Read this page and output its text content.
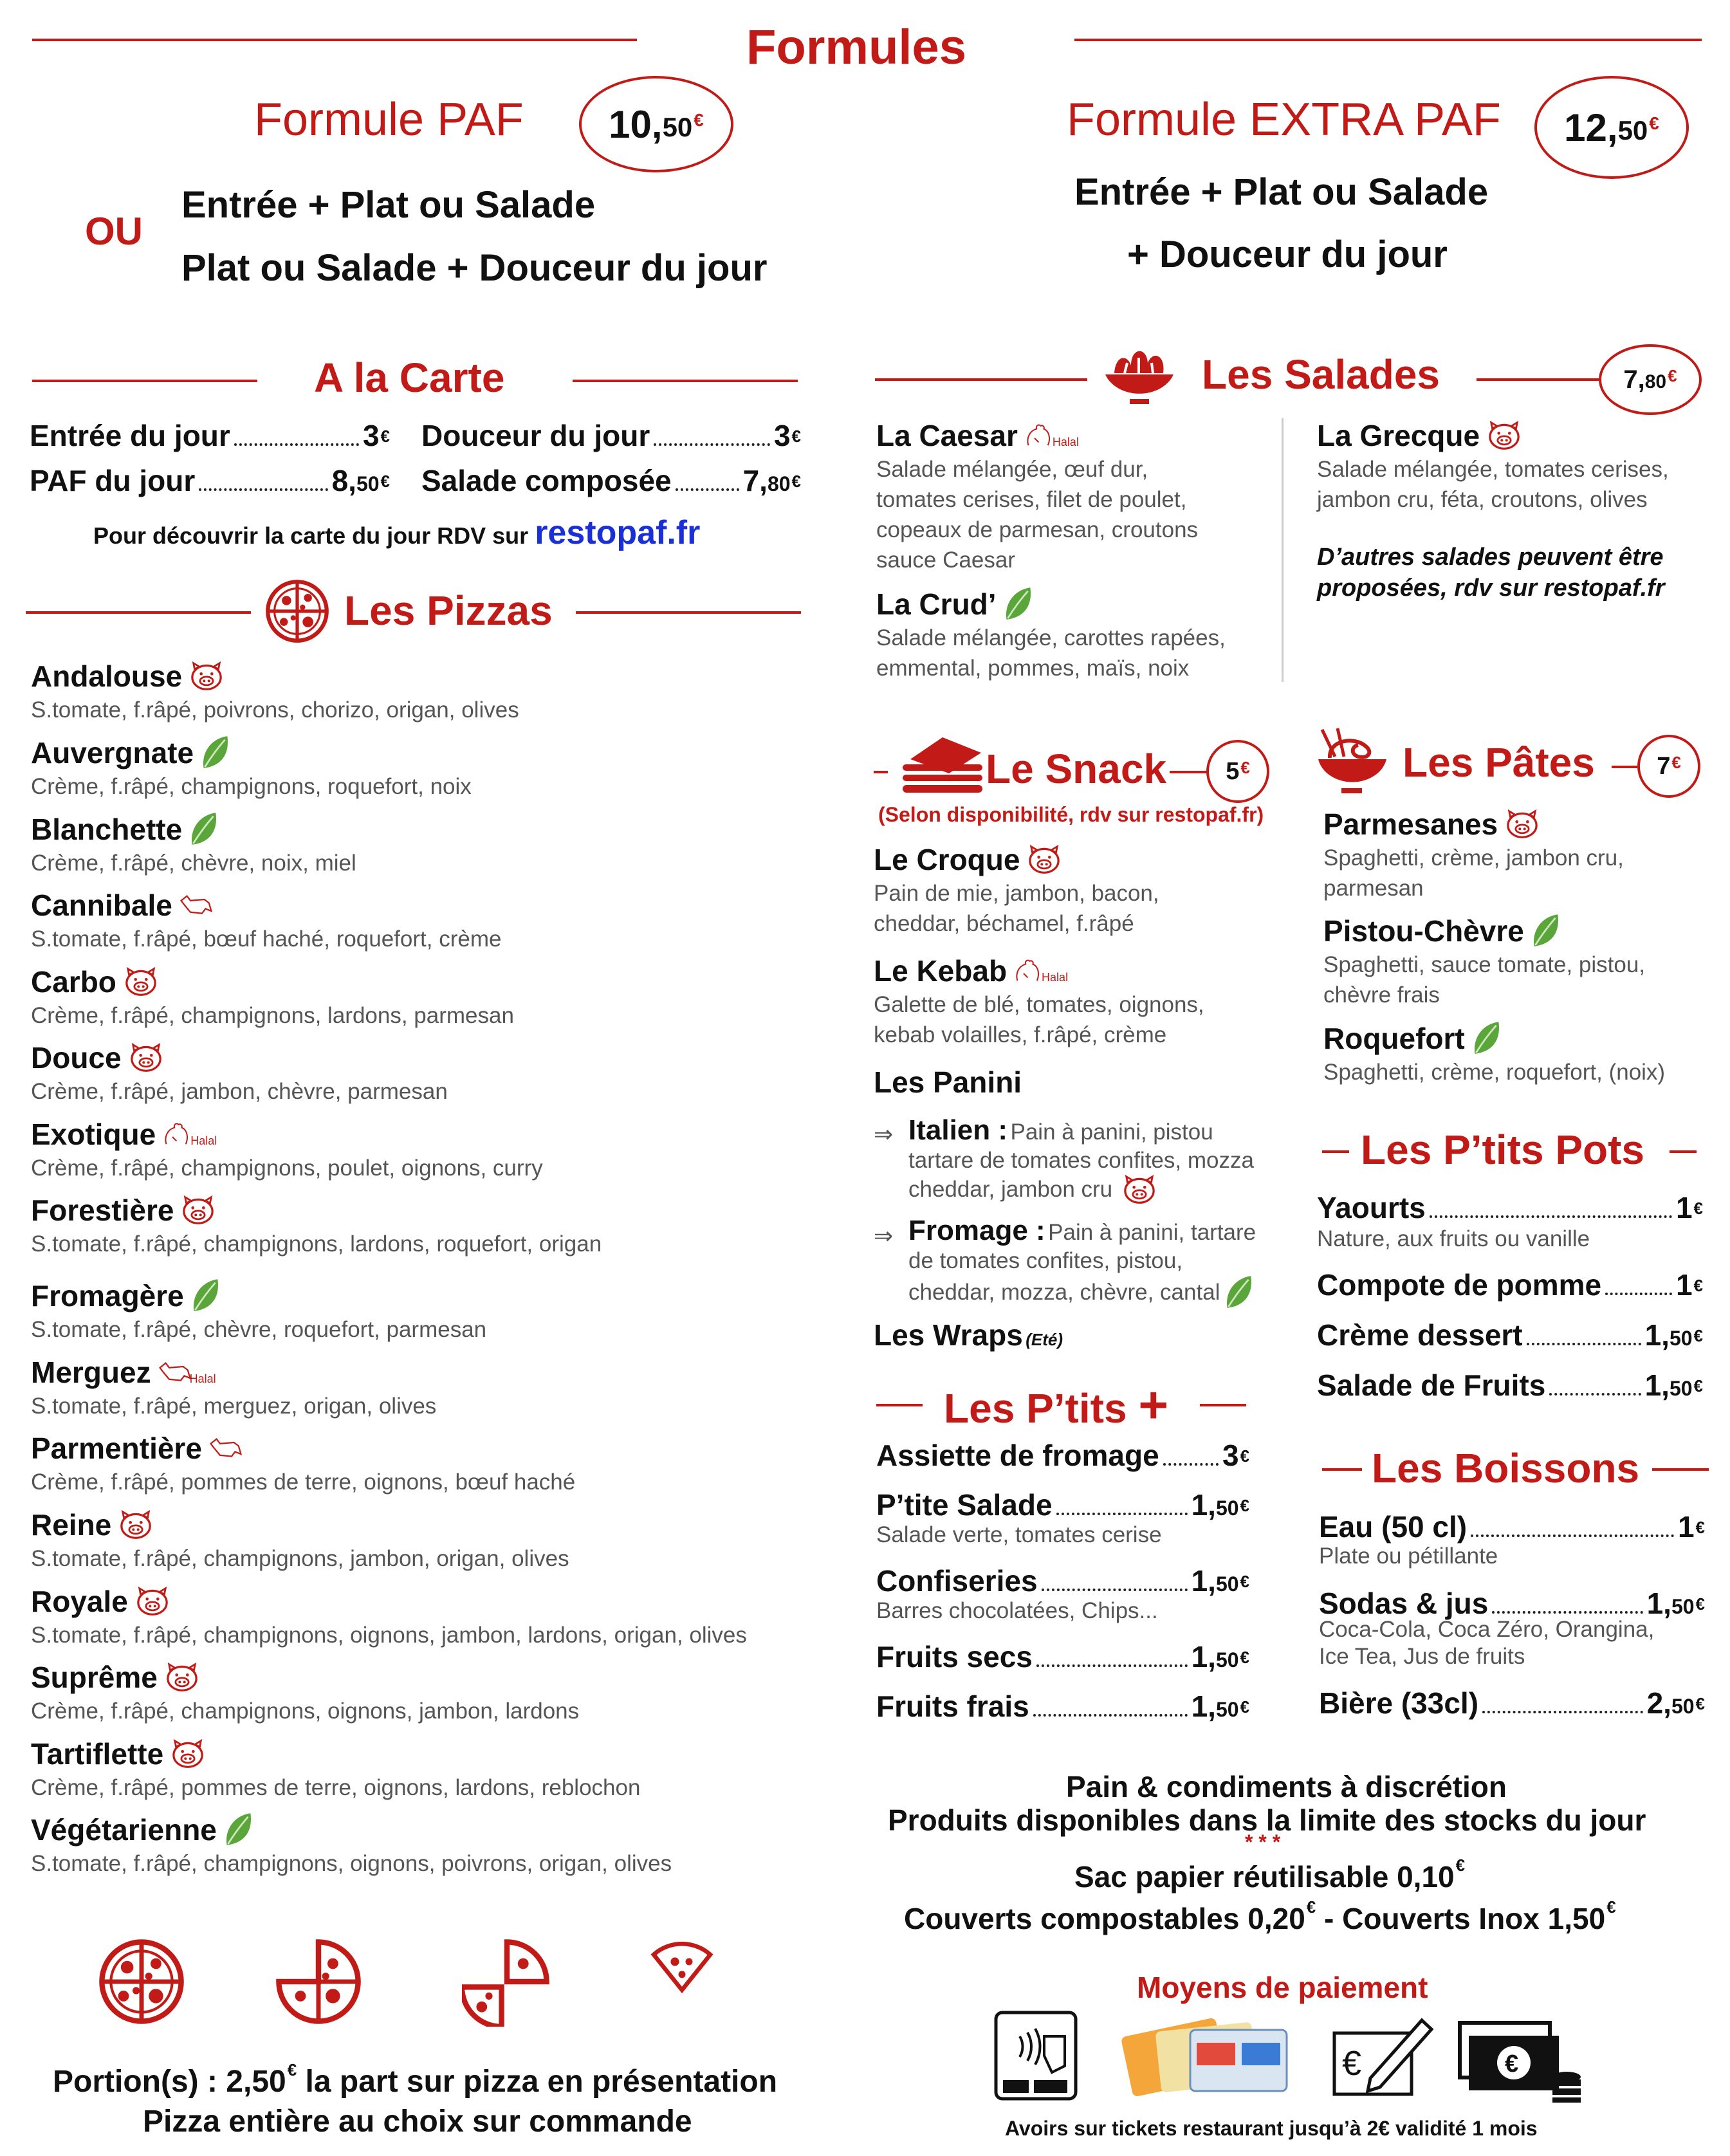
Formules
Formule PAF 10, 50€
OU
Entrée + Plat ou Salade
Plat ou Salade + Douceur du jour
Formule EXTRA PAF 12, 50€
Entrée + Plat ou Salade
+ Douceur du jour
A la Carte
Entrée du jour	3€ Douceur du jour	3€
PAF du jour	8, 50€ Salade composée 7, 80€
Pour découvrir la carte du jour RDV sur restopaf.fr
Les Pizzas
Andalouse
S.tomate, f.râpé, poivrons, chorizo, origan, olives
Auvergnate
Crème, f.râpé, champignons, roquefort, noix
Blanchette
Crème, f.râpé, chèvre, noix, miel
Cannibale
S.tomate, f.râpé, bœuf haché, roquefort, crème
Carbo
Crème, f.râpé, champignons, lardons, parmesan
Douce
Crème, f.râpé, jambon, chèvre, parmesan
Exotique	Halal
Crème, f.râpé, champignons, poulet, oignons, curry
Forestière
S.tomate, f.râpé, champignons, lardons, roquefort, origan
Fromagère
S.tomate, f.râpé, chèvre, roquefort, parmesan
Merguez	Halal
S.tomate, f.râpé, merguez, origan, olives
Parmentière
Crème, f.râpé, pommes de terre, oignons, bœuf haché
Reine
S.tomate, f.râpé, champignons, jambon, origan, olives
Royale
S.tomate, f.râpé, champignons, oignons, jambon, lardons, origan, olives
Suprême
Crème, f.râpé, champignons, oignons, jambon, lardons
Tartiflette
Crème, f.râpé, pommes de terre, oignons, lardons, reblochon
Végétarienne
S.tomate, f.râpé, champignons, oignons, poivrons, origan, olives
Portion(s) : 2,50€ la part sur pizza en présentation
Pizza entière au choix sur commande
Les Salades	7, 80€
La Caesar	Halal
Salade mélangée, œuf dur,
tomates cerises, filet de poulet,
copeaux de parmesan, croutons
sauce Caesar
La Crud’
Salade mélangée, carottes rapées,
emmental, pommes, maïs, noix
La Grecque
Salade mélangée, tomates cerises,
jambon cru, féta, croutons, olives
D’autres salades peuvent être
proposées, rdv sur restopaf.fr
Le Snack 5€
(Selon disponibilité, rdv sur restopaf.fr)
Le Croque
Pain de mie, jambon, bacon,
cheddar, béchamel, f.râpé
Le Kebab	Halal
Galette de blé, tomates, oignons,
kebab volailles, f.râpé, crème
Les Panini
⇒ Italien : Pain à panini, pistou
tartare de tomates confites, mozza
cheddar, jambon cru
⇒ Fromage : Pain à panini, tartare
de tomates confites, pistou,
cheddar, mozza, chèvre, cantal
Les Wraps (Eté)
Les Pâtes	7€
Parmesanes
Spaghetti, crème, jambon cru,
parmesan
Pistou-Chèvre
Spaghetti, sauce tomate, pistou,
chèvre frais
Roquefort
Spaghetti, crème, roquefort, (noix)
Les P’tits Pots
Yaourts	1€
Nature, aux fruits ou vanille
Compote de pomme	1€
Crème dessert	1, 50€
Salade de Fruits	1, 50€
Les P’tits +
Assiette de fromage 3€
P’tite Salade	1, 50€
Salade verte, tomates cerise
Confiseries	1, 50€
Barres chocolatées, Chips...
Fruits secs	1, 50€
Fruits frais	1, 50€
Les Boissons
Eau (50 cl)	1€
Plate ou pétillante
Sodas & jus	1, 50€
Coca-Cola, Coca Zéro, Orangina,
Ice Tea, Jus de fruits
Bière (33cl)	2, 50€
Pain & condiments à discrétion
Produits disponibles dans la limite des stocks du jour
* * *
Sac papier réutilisable 0,10€
Couverts compostables 0,20€ - Couverts Inox 1,50€
Moyens de paiement
€	€
Avoirs sur tickets restaurant jusqu’à 2€ validité 1 mois
